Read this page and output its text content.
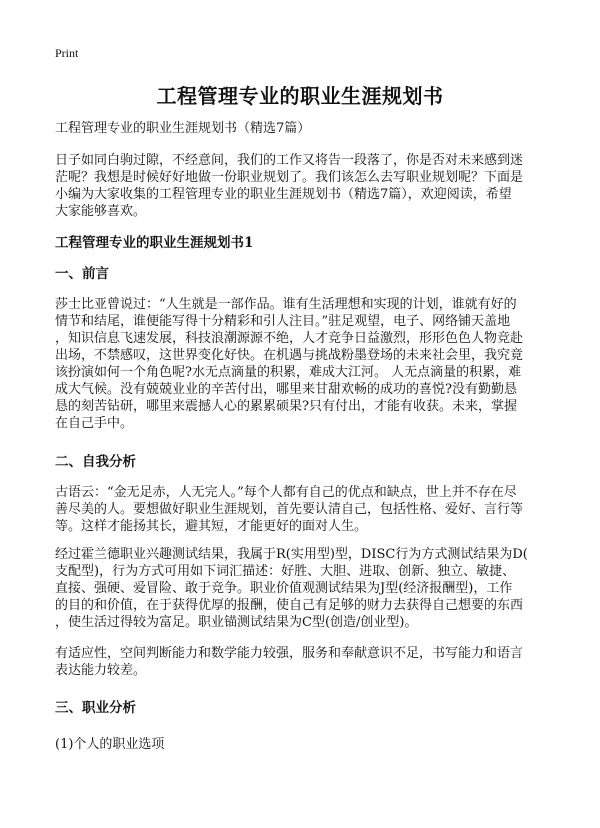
Print
工程管理专业的职业生涯规划书
工程管理专业的职业生涯规划书（精选7篇）
日子如同白驹过隙，不经意间，我们的工作又将告一段落了，你是否对未来感到迷
茫呢？我想是时候好好地做一份职业规划了。我们该怎么去写职业规划呢？下面是
小编为大家收集的工程管理专业的职业生涯规划书（精选7篇），欢迎阅读，希望
大家能够喜欢。
工程管理专业的职业生涯规划书1
一、前言
莎士比亚曾说过：“人生就是一部作品。谁有生活理想和实现的计划，谁就有好的
情节和结尾，谁便能写得十分精彩和引人注目。”驻足观望，电子、网络铺天盖地
，知识信息飞速发展，科技浪潮源源不绝，人才竞争日益激烈，形形色色人物竞赴
出场，不禁感叹，这世界变化好快。在机遇与挑战粉墨登场的未来社会里，我究竟
该扮演如何一个角色呢?水无点滴量的积累，难成大江河。 人无点滴量的积累，难
成大气候。没有兢兢业业的辛苦付出，哪里来甘甜欢畅的成功的喜悦?没有勤勤恳
恳的刻苦钻研，哪里来震撼人心的累累硕果?只有付出，才能有收获。未来，掌握
在自己手中。
二、自我分析
古语云：“金无足赤，人无完人。”每个人都有自己的优点和缺点，世上并不存在尽
善尽美的人。要想做好职业生涯规划，首先要认清自己，包括性格、爱好、言行等
等。这样才能扬其长，避其短，才能更好的面对人生。
经过霍兰德职业兴趣测试结果，我属于R(实用型)型，DISC行为方式测试结果为D(
支配型)，行为方式可用如下词汇描述：好胜、大胆、进取、创新、独立、敏捷、
直接、强硬、爱冒险、敢于竞争。职业价值观测试结果为J型(经济报酬型)，工作
的目的和价值，在于获得优厚的报酬，使自己有足够的财力去获得自己想要的东西
，使生活过得较为富足。职业锚测试结果为C型(创造/创业型)。
有适应性，空间判断能力和数学能力较强，服务和奉献意识不足，书写能力和语言
表达能力较差。
三、职业分析
(1)个人的职业选项
